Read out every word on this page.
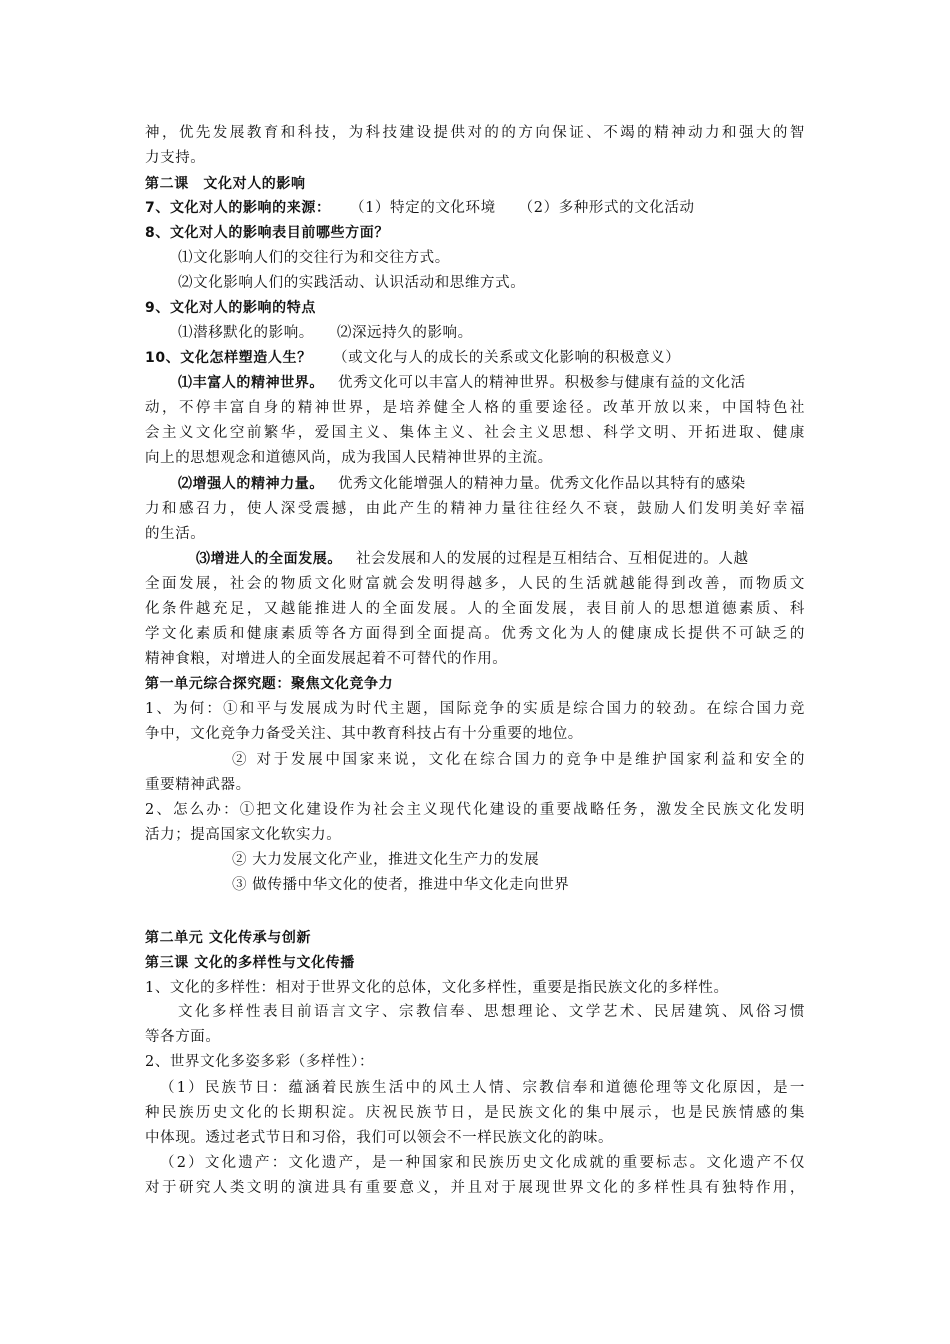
神，优先发展教育和科技，为科技建设提供对的的方向保证、不竭的精神动力和强大的智
力支持。
第二课　文化对人的影响
7、文化对人的影响的来源： （1）特定的文化环境　　（2）多种形式的文化活动
8、文化对人的影响表目前哪些方面？
⑴文化影响人们的交往行为和交往方式。
⑵文化影响人们的实践活动、认识活动和思维方式。
9、文化对人的影响的特点
⑴潜移默化的影响。　　⑵深远持久的影响。
10、文化怎样塑造人生？ （或文化与人的成长的关系或文化影响的积极意义）
⑴丰富人的精神世界。 优秀文化可以丰富人的精神世界。积极参与健康有益的文化活
动，不停丰富自身的精神世界，是培养健全人格的重要途径。改革开放以来，中国特色社
会主义文化空前繁华，爱国主义、集体主义、社会主义思想、科学文明、开拓进取、健康
向上的思想观念和道德风尚，成为我国人民精神世界的主流。
⑵增强人的精神力量。 优秀文化能增强人的精神力量。优秀文化作品以其特有的感染
力和感召力，使人深受震撼，由此产生的精神力量往往经久不衰，鼓励人们发明美好幸福
的生活。
⑶增进人的全面发展。 社会发展和人的发展的过程是互相结合、互相促进的。人越
全面发展，社会的物质文化财富就会发明得越多，人民的生活就越能得到改善，而物质文
化条件越充足，又越能推进人的全面发展。人的全面发展，表目前人的思想道德素质、科
学文化素质和健康素质等各方面得到全面提高。优秀文化为人的健康成长提供不可缺乏的
精神食粮，对增进人的全面发展起着不可替代的作用。
第一单元综合探究题：聚焦文化竞争力
1、为何：①和平与发展成为时代主题，国际竞争的实质是综合国力的较劲。在综合国力竞
争中，文化竞争力备受关注、其中教育科技占有十分重要的地位。
② 对于发展中国家来说，文化在综合国力的竞争中是维护国家利益和安全的
重要精神武器。
2、怎么办：①把文化建设作为社会主义现代化建设的重要战略任务，激发全民族文化发明
活力；提高国家文化软实力。
② 大力发展文化产业，推进文化生产力的发展
③ 做传播中华文化的使者，推进中华文化走向世界
第二单元 文化传承与创新
第三课 文化的多样性与文化传播
1、文化的多样性：相对于世界文化的总体，文化多样性，重要是指民族文化的多样性。
文化多样性表目前语言文字、宗教信奉、思想理论、文学艺术、民居建筑、风俗习惯
等各方面。
2、世界文化多姿多彩（多样性）：
（1）民族节日：蕴涵着民族生活中的风土人情、宗教信奉和道德伦理等文化原因，是一
种民族历史文化的长期积淀。庆祝民族节日，是民族文化的集中展示，也是民族情感的集
中体现。透过老式节日和习俗，我们可以领会不一样民族文化的韵味。
（2）文化遗产：文化遗产，是一种国家和民族历史文化成就的重要标志。文化遗产不仅
对于研究人类文明的演进具有重要意义，并且对于展现世界文化的多样性具有独特作用，
